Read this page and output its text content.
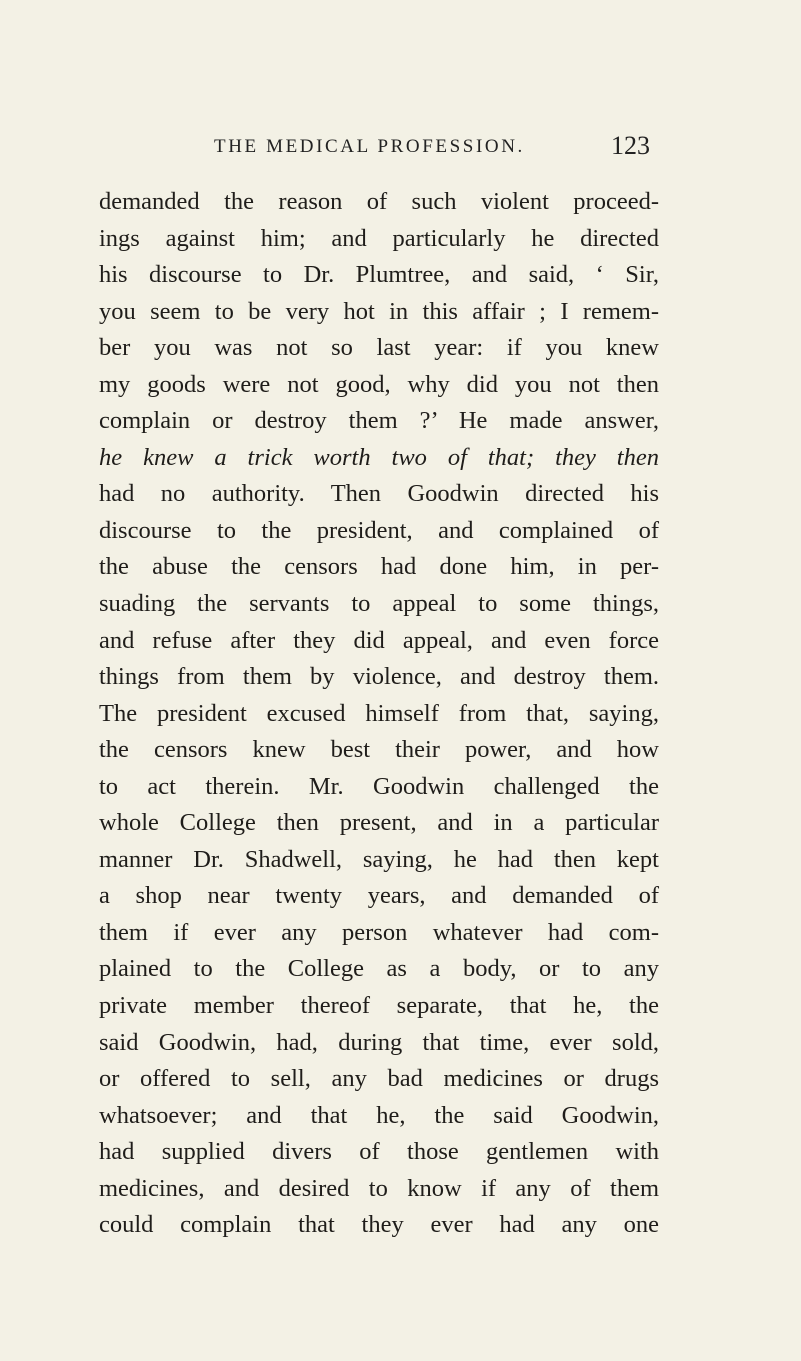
THE MEDICAL PROFESSION.	123
demanded the reason of such violent proceed-
ings against him; and particularly he directed
his discourse to Dr. Plumtree, and said, ‘ Sir,
you seem to be very hot in this affair ; I remem-
ber you was not so last year: if you knew
my goods were not good, why did you not then
complain or destroy them ?’ He made answer,
he knew a trick worth two of that; they then
had no authority. Then Goodwin directed his
discourse to the president, and complained of
the abuse the censors had done him, in per-
suading the servants to appeal to some things,
and refuse after they did appeal, and even force
things from them by violence, and destroy them.
The president excused himself from that, saying,
the censors knew best their power, and how
to act therein. Mr. Goodwin challenged the
whole College then present, and in a particular
manner Dr. Shadwell, saying, he had then kept
a shop near twenty years, and demanded of
them if ever any person whatever had com-
plained to the College as a body, or to any
private member thereof separate, that he, the
said Goodwin, had, during that time, ever sold,
or offered to sell, any bad medicines or drugs
whatsoever; and that he, the said Goodwin,
had supplied divers of those gentlemen with
medicines, and desired to know if any of them
could complain that they ever had any one
